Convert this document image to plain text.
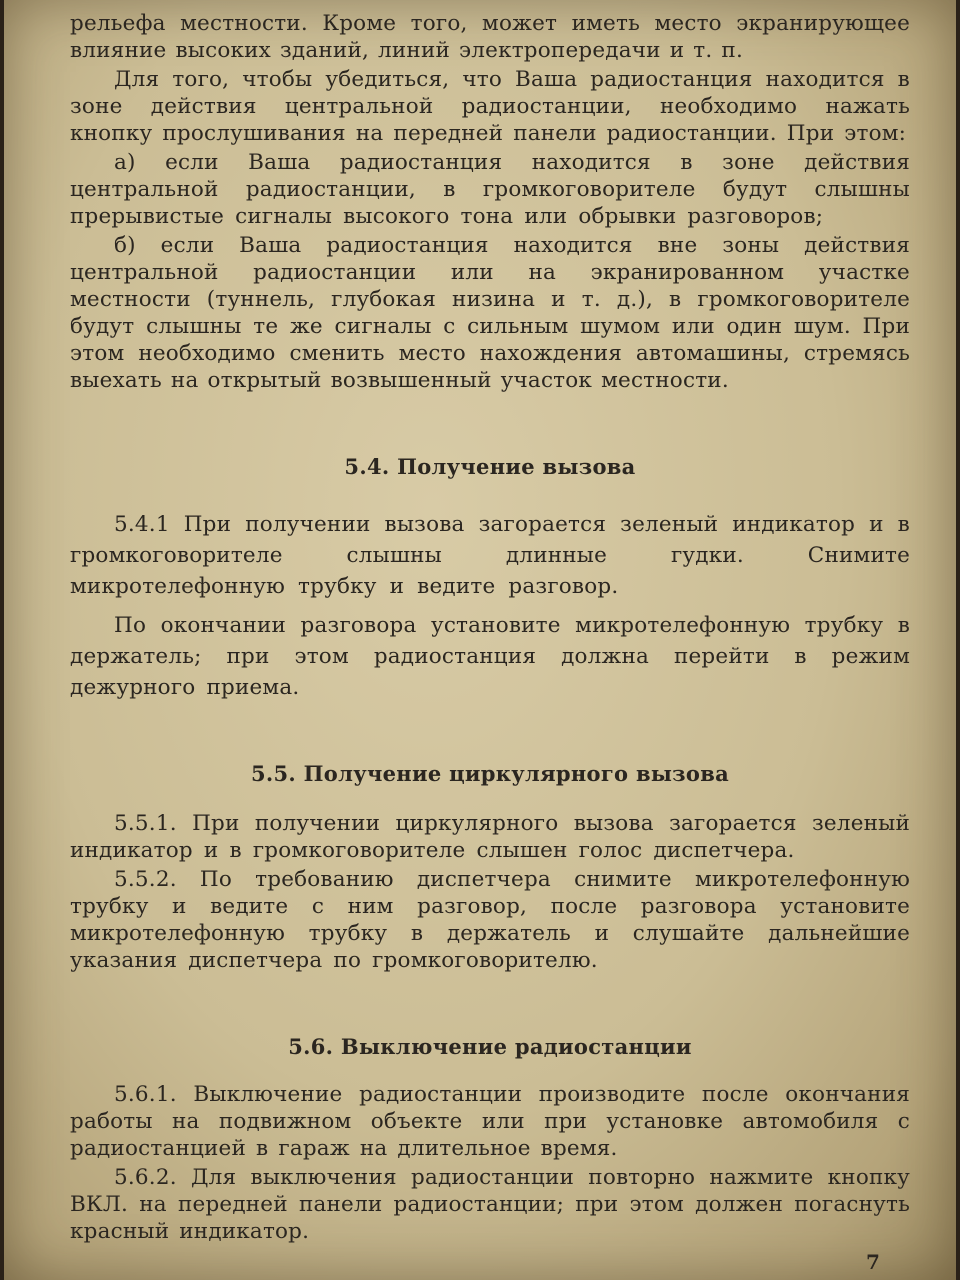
рельефа местности. Кроме того, может иметь место экранирующее влияние высоких зданий, линий электропередачи и т. п.

Для того, чтобы убедиться, что Ваша радиостанция находится в зоне действия центральной радиостанции, необходимо нажать кнопку прослушивания на передней панели радиостанции. При этом:

а) если Ваша радиостанция находится в зоне действия центральной радиостанции, в громкоговорителе будут слышны прерывистые сигналы высокого тона или обрывки разговоров;

б) если Ваша радиостанция находится вне зоны действия центральной радиостанции или на экранированном участке местности (туннель, глубокая низина и т. д.), в громкоговорителе будут слышны те же сигналы с сильным шумом или один шум. При этом необходимо сменить место нахождения автомашины, стремясь выехать на открытый возвышенный участок местности.

5.4. Получение вызова

5.4.1 При получении вызова загорается зеленый индикатор и в громкоговорителе слышны длинные гудки. Снимите микротелефонную трубку и ведите разговор.

По окончании разговора установите микротелефонную трубку в держатель; при этом радиостанция должна перейти в режим дежурного приема.

5.5. Получение циркулярного вызова

5.5.1. При получении циркулярного вызова загорается зеленый индикатор и в громкоговорителе слышен голос диспетчера.

5.5.2. По требованию диспетчера снимите микротелефонную трубку и ведите с ним разговор, после разговора установите микротелефонную трубку в держатель и слушайте дальнейшие указания диспетчера по громкоговорителю.

5.6. Выключение радиостанции

5.6.1. Выключение радиостанции производите после окончания работы на подвижном объекте или при установке автомобиля с радиостанцией в гараж на длительное время.

5.6.2. Для выключения радиостанции повторно нажмите кнопку ВКЛ. на передней панели радиостанции; при этом должен погаснуть красный индикатор.

7
